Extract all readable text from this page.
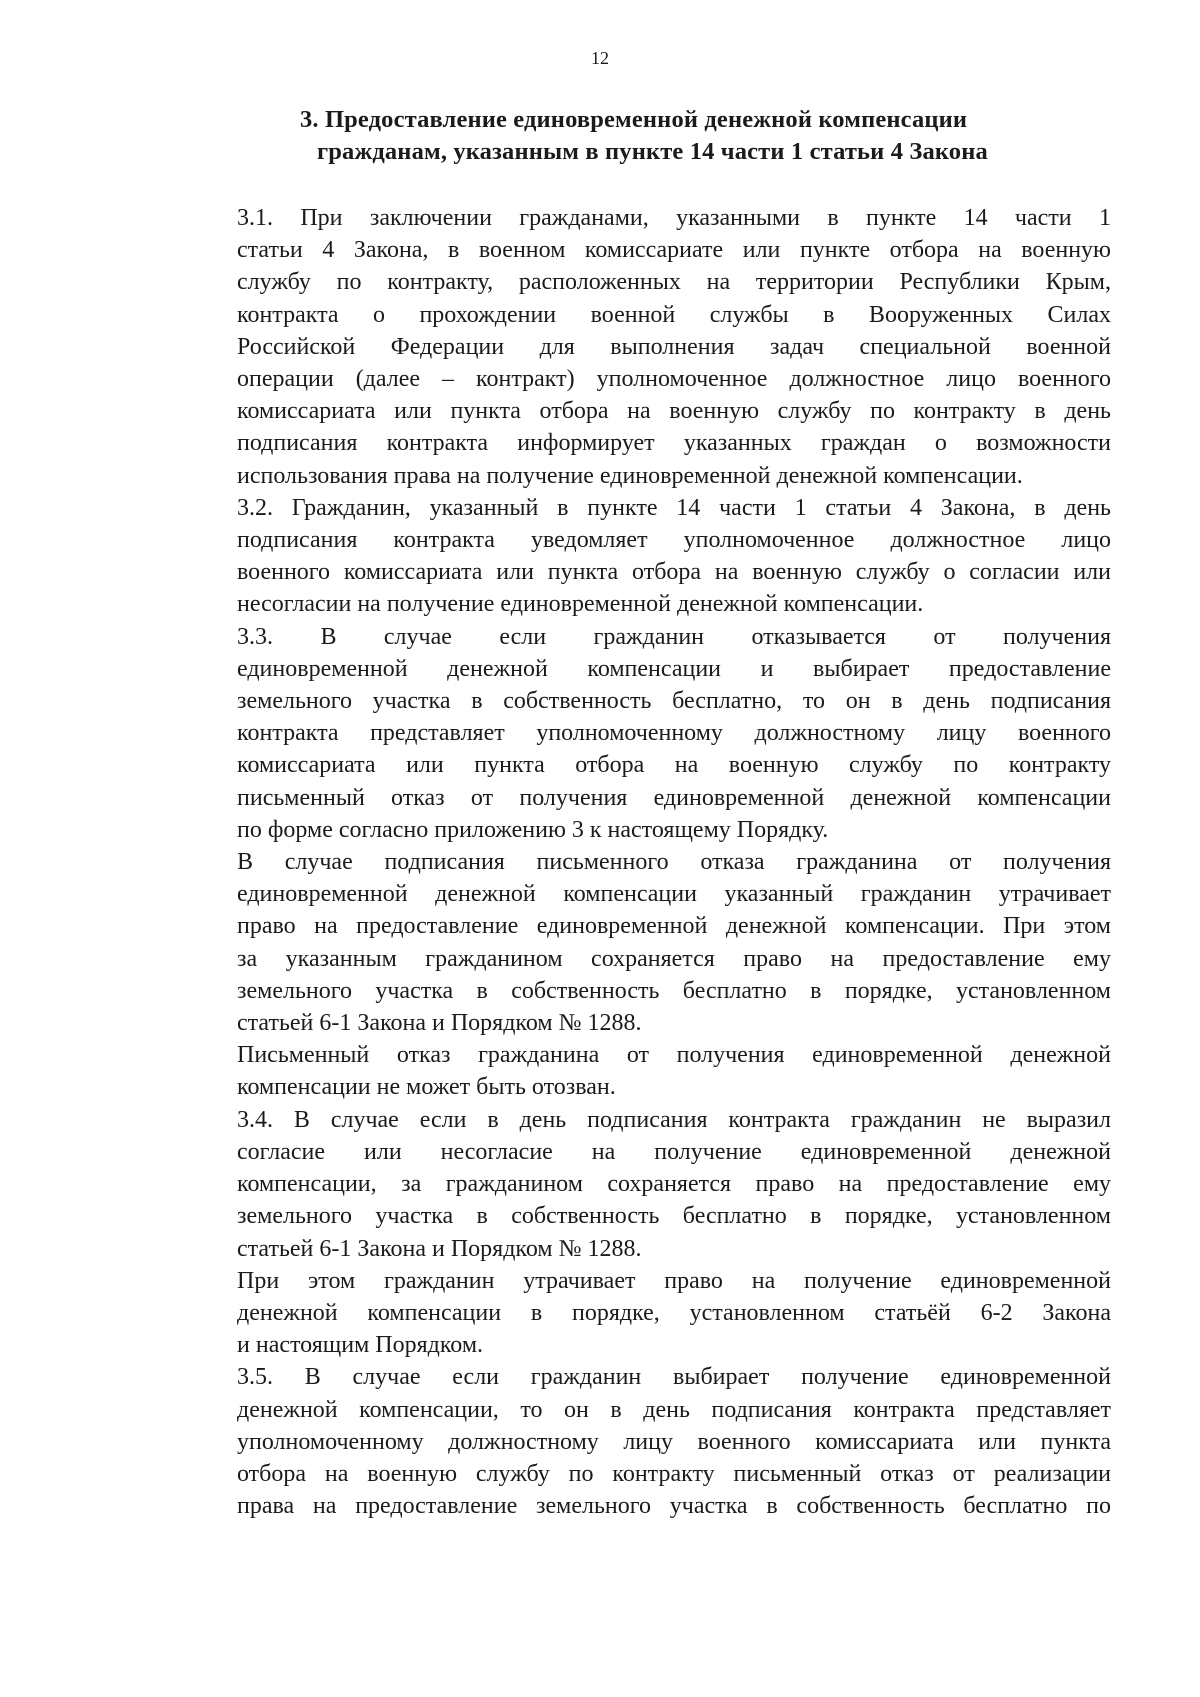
12
3. Предоставление единовременной денежной компенсации
гражданам, указанным в пункте 14 части 1 статьи 4 Закона

3.1. При заключении гражданами, указанными в пункте 14 части 1
статьи 4 Закона, в военном комиссариате или пункте отбора на военную
службу по контракту, расположенных на территории Республики Крым,
контракта о прохождении военной службы в Вооруженных Силах
Российской Федерации для выполнения задач специальной военной
операции (далее – контракт) уполномоченное должностное лицо военного
комиссариата или пункта отбора на военную службу по контракту в день
подписания контракта информирует указанных граждан о возможности
использования права на получение единовременной денежной компенсации.

3.2. Гражданин, указанный в пункте 14 части 1 статьи 4 Закона, в день
подписания контракта уведомляет уполномоченное должностное лицо
военного комиссариата или пункта отбора на военную службу о согласии или
несогласии на получение единовременной денежной компенсации.

3.3. В случае если гражданин отказывается от получения
единовременной денежной компенсации и выбирает предоставление
земельного участка в собственность бесплатно, то он в день подписания
контракта представляет уполномоченному должностному лицу военного
комиссариата или пункта отбора на военную службу по контракту
письменный отказ от получения единовременной денежной компенсации
по форме согласно приложению 3 к настоящему Порядку.

В случае подписания письменного отказа гражданина от получения
единовременной денежной компенсации указанный гражданин утрачивает
право на предоставление единовременной денежной компенсации. При этом
за указанным гражданином сохраняется право на предоставление ему
земельного участка в собственность бесплатно в порядке, установленном
статьей 6-1 Закона и Порядком № 1288.

Письменный отказ гражданина от получения единовременной денежной
компенсации не может быть отозван.

3.4. В случае если в день подписания контракта гражданин не выразил
согласие или несогласие на получение единовременной денежной
компенсации, за гражданином сохраняется право на предоставление ему
земельного участка в собственность бесплатно в порядке, установленном
статьей 6-1 Закона и Порядком № 1288.

При этом гражданин утрачивает право на получение единовременной
денежной компенсации в порядке, установленном статьёй 6-2 Закона
и настоящим Порядком.

3.5. В случае если гражданин выбирает получение единовременной
денежной компенсации, то он в день подписания контракта представляет
уполномоченному должностному лицу военного комиссариата или пункта
отбора на военную службу по контракту письменный отказ от реализации
права на предоставление земельного участка в собственность бесплатно по
